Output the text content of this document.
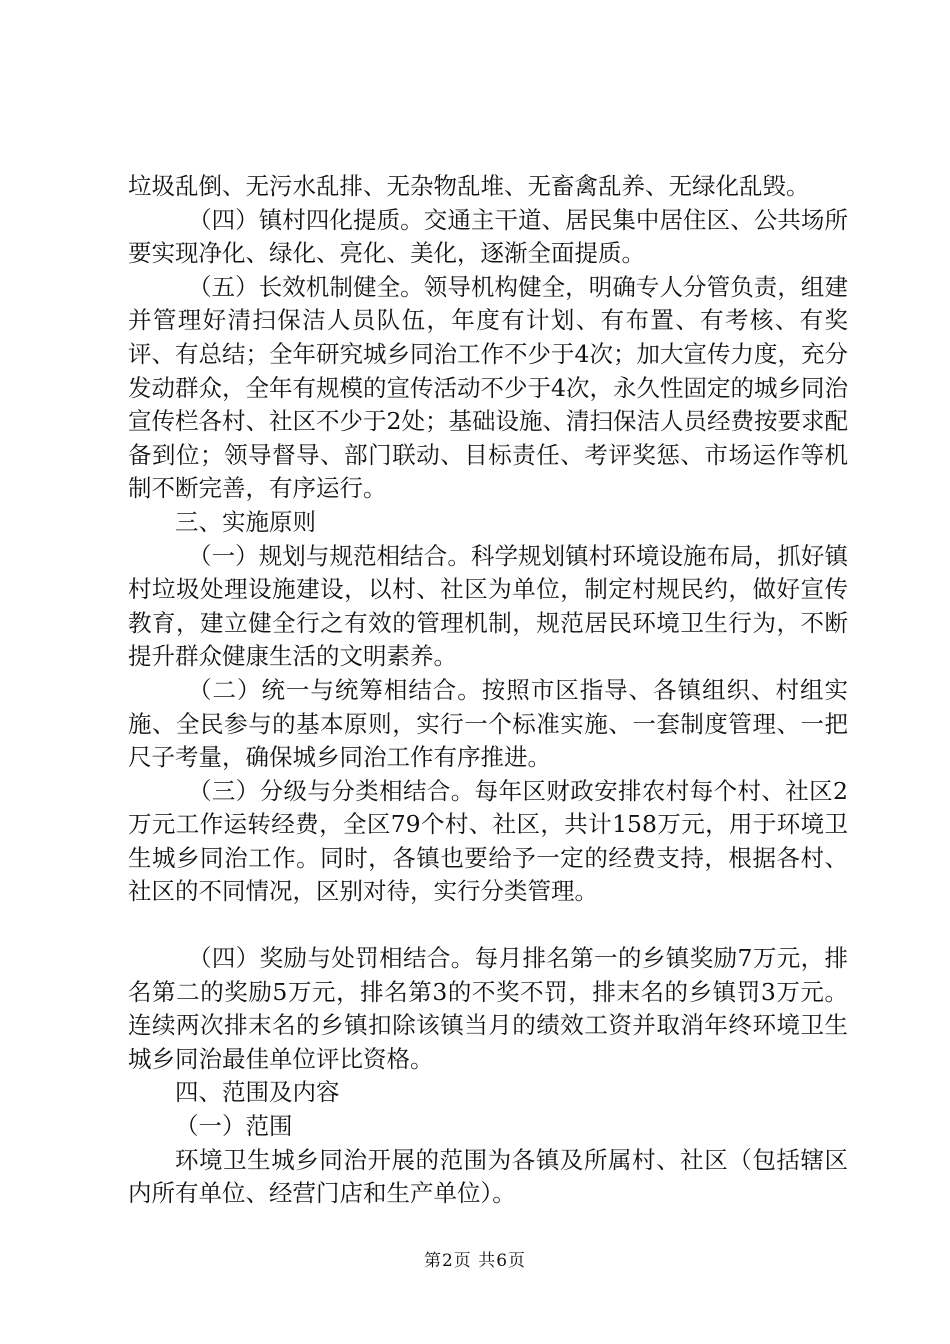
垃圾乱倒、无污水乱排、无杂物乱堆、无畜禽乱养、无绿化乱毁。

（四）镇村四化提质。交通主干道、居民集中居住区、公共场所要实现净化、绿化、亮化、美化，逐渐全面提质。

（五）长效机制健全。领导机构健全，明确专人分管负责，组建并管理好清扫保洁人员队伍，年度有计划、有布置、有考核、有奖评、有总结；全年研究城乡同治工作不少于4次；加大宣传力度，充分发动群众，全年有规模的宣传活动不少于4次，永久性固定的城乡同治宣传栏各村、社区不少于2处；基础设施、清扫保洁人员经费按要求配备到位；领导督导、部门联动、目标责任、考评奖惩、市场运作等机制不断完善，有序运行。

三、实施原则

（一）规划与规范相结合。科学规划镇村环境设施布局，抓好镇村垃圾处理设施建设，以村、社区为单位，制定村规民约，做好宣传教育，建立健全行之有效的管理机制，规范居民环境卫生行为，不断提升群众健康生活的文明素养。

（二）统一与统筹相结合。按照市区指导、各镇组织、村组实施、全民参与的基本原则，实行一个标准实施、一套制度管理、一把尺子考量，确保城乡同治工作有序推进。

（三）分级与分类相结合。每年区财政安排农村每个村、社区2万元工作运转经费，全区79个村、社区，共计158万元，用于环境卫生城乡同治工作。同时，各镇也要给予一定的经费支持，根据各村、社区的不同情况，区别对待，实行分类管理。

（四）奖励与处罚相结合。每月排名第一的乡镇奖励7万元，排名第二的奖励5万元，排名第3的不奖不罚，排末名的乡镇罚3万元。连续两次排末名的乡镇扣除该镇当月的绩效工资并取消年终环境卫生城乡同治最佳单位评比资格。

四、范围及内容

（一）范围

环境卫生城乡同治开展的范围为各镇及所属村、社区（包括辖区内所有单位、经营门店和生产单位）。

第2页 共6页
